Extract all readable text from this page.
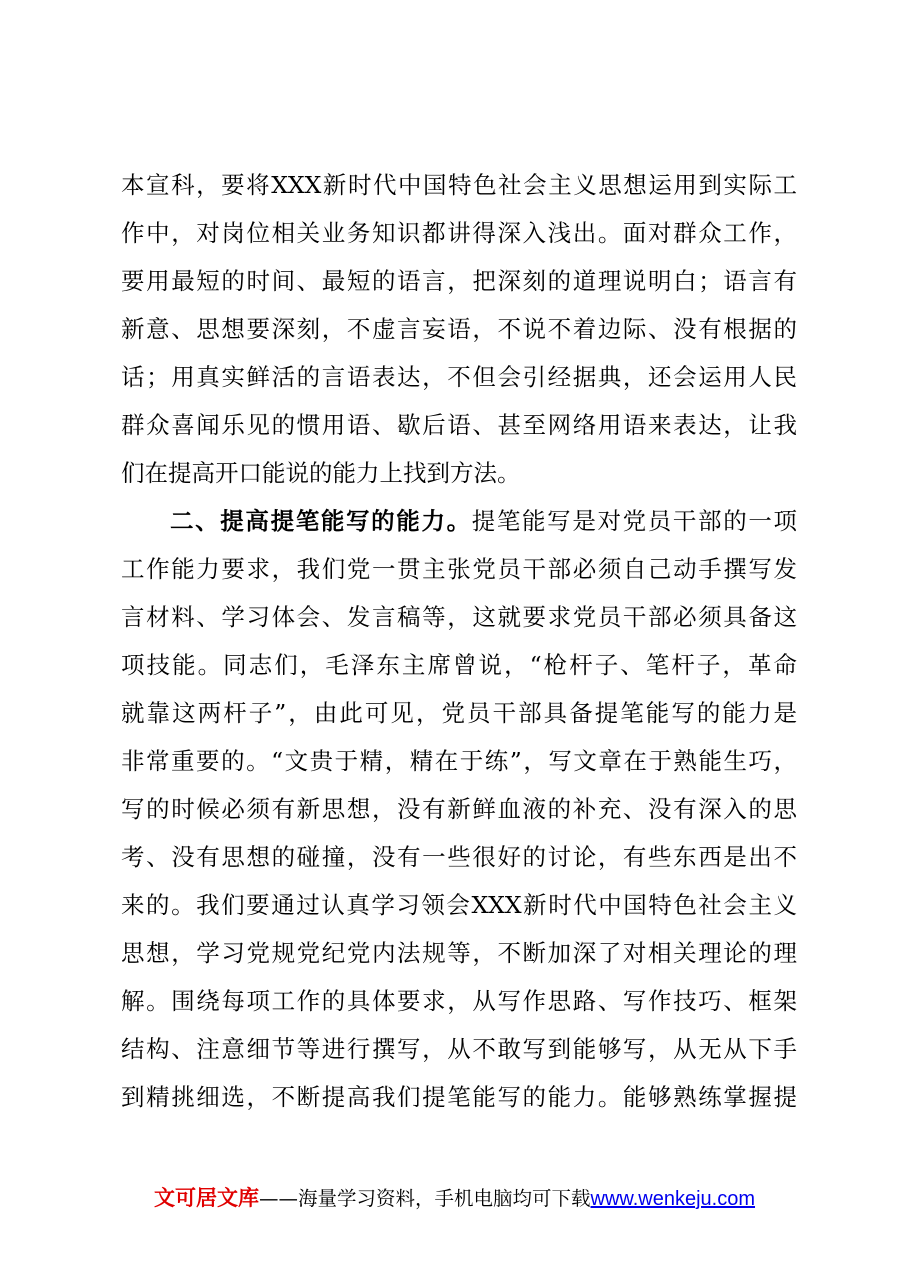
本宣科，要将XXX新时代中国特色社会主义思想运用到实际工
作中，对岗位相关业务知识都讲得深入浅出。面对群众工作，
要用最短的时间、最短的语言，把深刻的道理说明白；语言有
新意、思想要深刻，不虚言妄语，不说不着边际、没有根据的
话；用真实鲜活的言语表达，不但会引经据典，还会运用人民
群众喜闻乐见的惯用语、歇后语、甚至网络用语来表达，让我
们在提高开口能说的能力上找到方法。
二、提高提笔能写的能力。提笔能写是对党员干部的一项
工作能力要求，我们党一贯主张党员干部必须自己动手撰写发
言材料、学习体会、发言稿等，这就要求党员干部必须具备这
项技能。同志们，毛泽东主席曾说，“枪杆子、笔杆子，革命
就靠这两杆子”，由此可见，党员干部具备提笔能写的能力是
非常重要的。“文贵于精，精在于练”，写文章在于熟能生巧，
写的时候必须有新思想，没有新鲜血液的补充、没有深入的思
考、没有思想的碰撞，没有一些很好的讨论，有些东西是出不
来的。我们要通过认真学习领会XXX新时代中国特色社会主义
思想，学习党规党纪党内法规等，不断加深了对相关理论的理
解。围绕每项工作的具体要求，从写作思路、写作技巧、框架
结构、注意细节等进行撰写，从不敢写到能够写，从无从下手
到精挑细选，不断提高我们提笔能写的能力。能够熟练掌握提
文可居文库——海量学习资料，手机电脑均可下载www.wenkeju.com
